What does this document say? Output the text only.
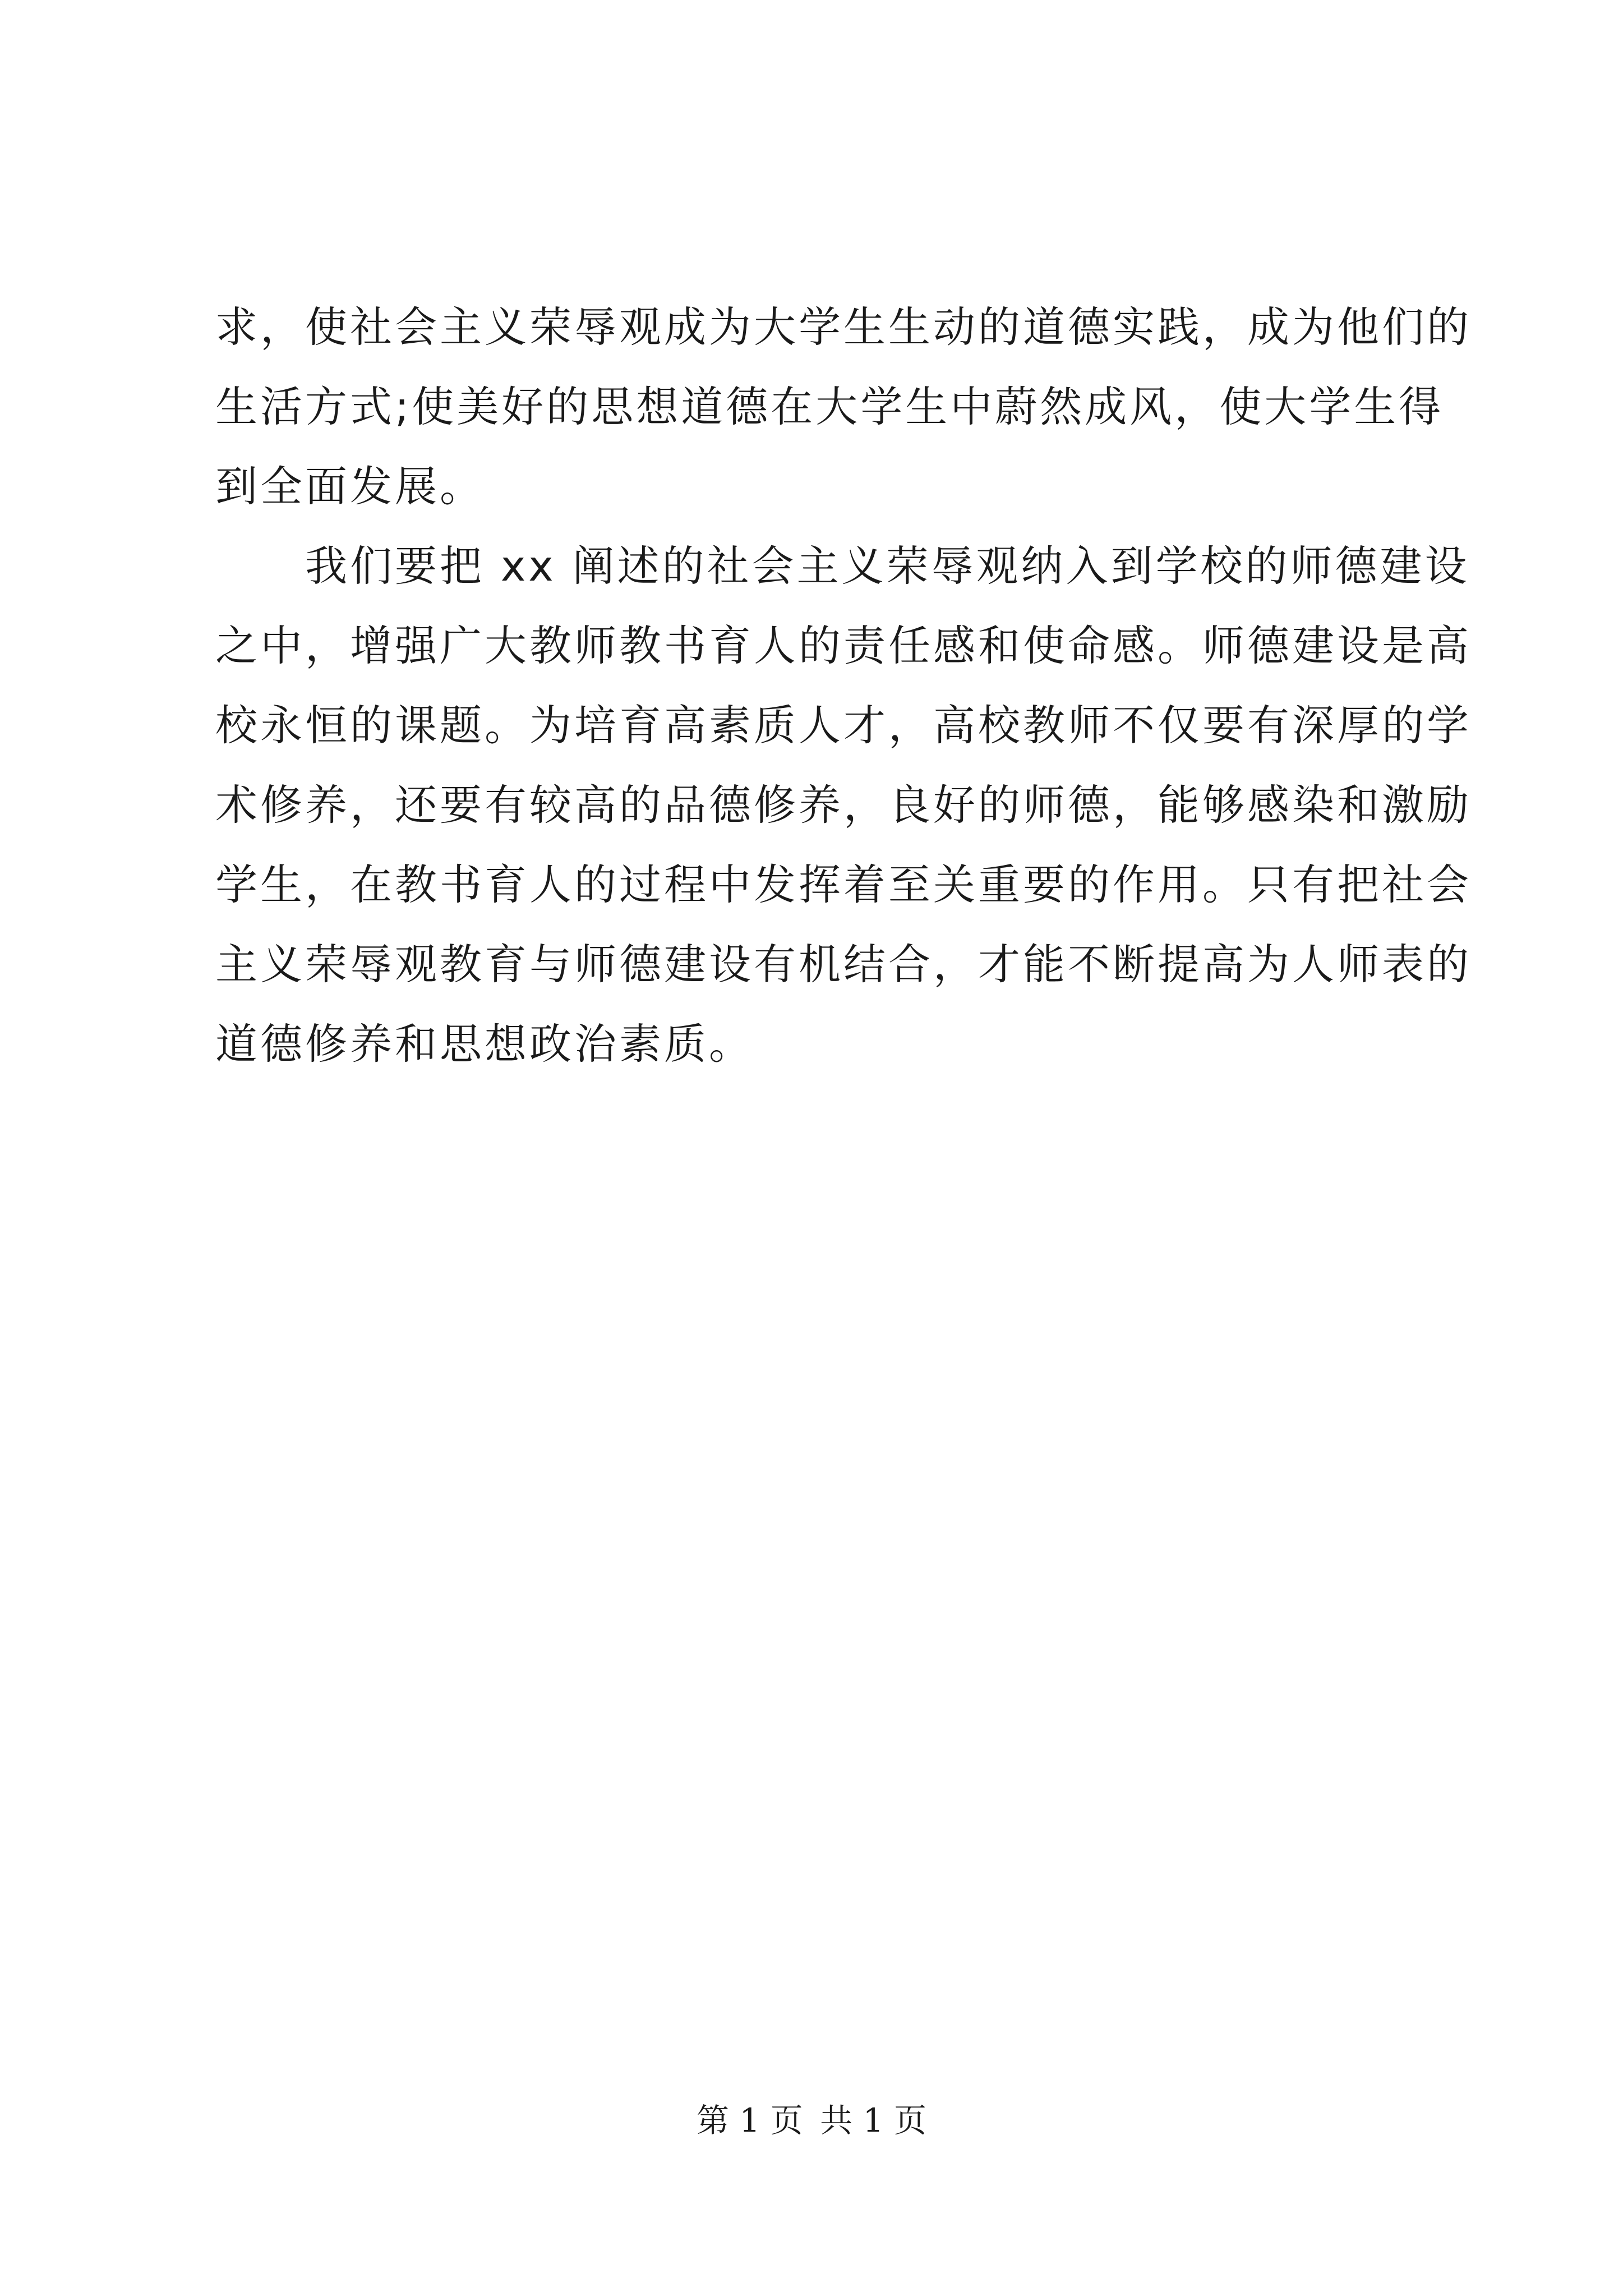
求，使社会主义荣辱观成为大学生生动的道德实践，成为他们的
生活方式;使美好的思想道德在大学生中蔚然成风，使大学生得
到全面发展。
　　我们要把 xx 阐述的社会主义荣辱观纳入到学校的师德建设
之中，增强广大教师教书育人的责任感和使命感。师德建设是高
校永恒的课题。为培育高素质人才，高校教师不仅要有深厚的学
术修养，还要有较高的品德修养，良好的师德，能够感染和激励
学生，在教书育人的过程中发挥着至关重要的作用。只有把社会
主义荣辱观教育与师德建设有机结合，才能不断提高为人师表的
道德修养和思想政治素质。
第 1 页 共 1 页
